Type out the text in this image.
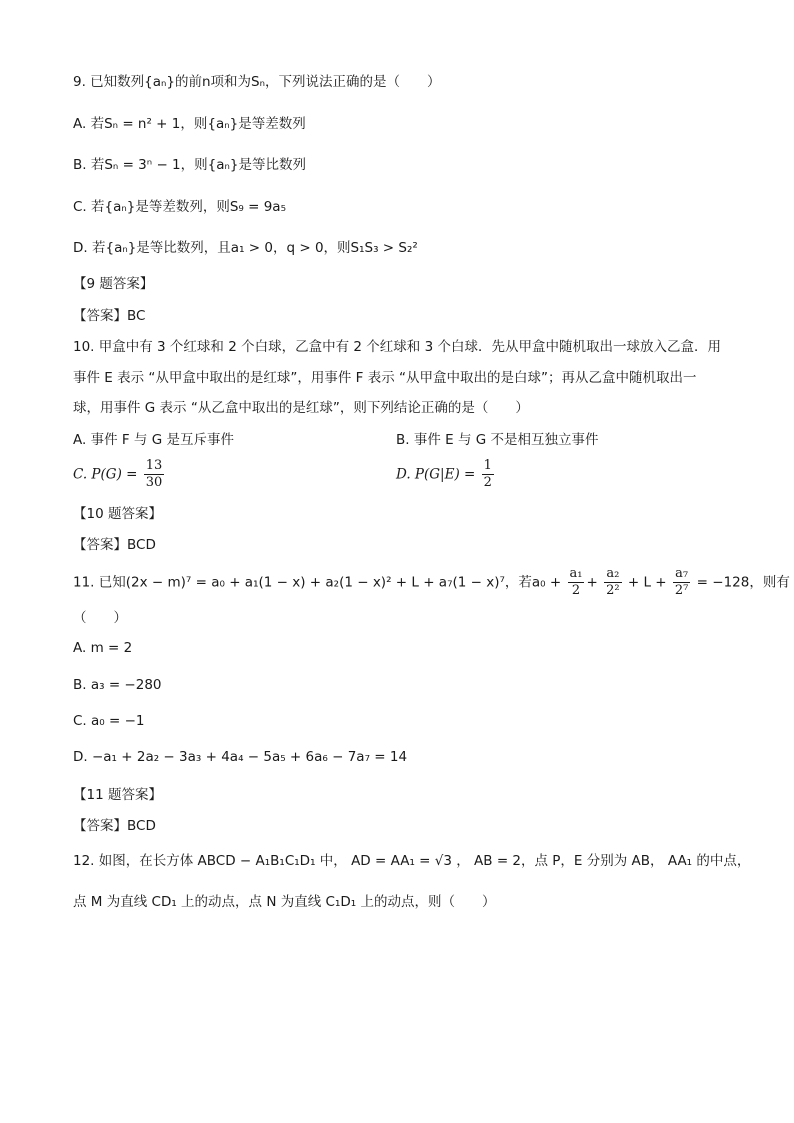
9. 已知数列{aₙ}的前n项和为Sₙ，下列说法正确的是（　　）
A. 若Sₙ = n² + 1，则{aₙ}是等差数列
B. 若Sₙ = 3ⁿ − 1，则{aₙ}是等比数列
C. 若{aₙ}是等差数列，则S₉ = 9a₅
D. 若{aₙ}是等比数列，且a₁ > 0，q > 0，则S₁S₃ > S₂²
【9 题答案】
【答案】BC
10. 甲盒中有 3 个红球和 2 个白球，乙盒中有 2 个红球和 3 个白球．先从甲盒中随机取出一球放入乙盒．用
事件 E 表示 “从甲盒中取出的是红球”，用事件 F 表示 “从甲盒中取出的是白球”；再从乙盒中随机取出一
球，用事件 G 表示 “从乙盒中取出的是红球”，则下列结论正确的是（　　）
A. 事件 F 与 G 是互斥事件	B. 事件 E 与 G 不是相互独立事件
C. $P(G) = \frac{13}{30}$	D. $P(G|E) = \frac{1}{2}$
【10 题答案】
【答案】BCD
11. 已知(2x − m)⁷ = a₀ + a₁(1 − x) + a₂(1 − x)² + L + a₇(1 − x)⁷，若$a_0 + \frac{\text{a₁}}{2} + \frac{\text{a₂}}{\text{2²}} + L + \frac{\text{a₇}}{\text{2⁷}} = -128$，则有
（　　）
A. m = 2
B. a₃ = −280
C. a₀ = −1
D. −a₁ + 2a₂ − 3a₃ + 4a₄ − 5a₅ + 6a₆ − 7a₇ = 14
【11 题答案】
【答案】BCD
12. 如图，在长方体 ABCD − A₁B₁C₁D₁ 中， AD = AA₁ = √3 ， AB = 2，点 P，E 分别为 AB， AA₁ 的中点，
点 M 为直线 CD₁ 上的动点，点 N 为直线 C₁D₁ 上的动点，则（　　）
